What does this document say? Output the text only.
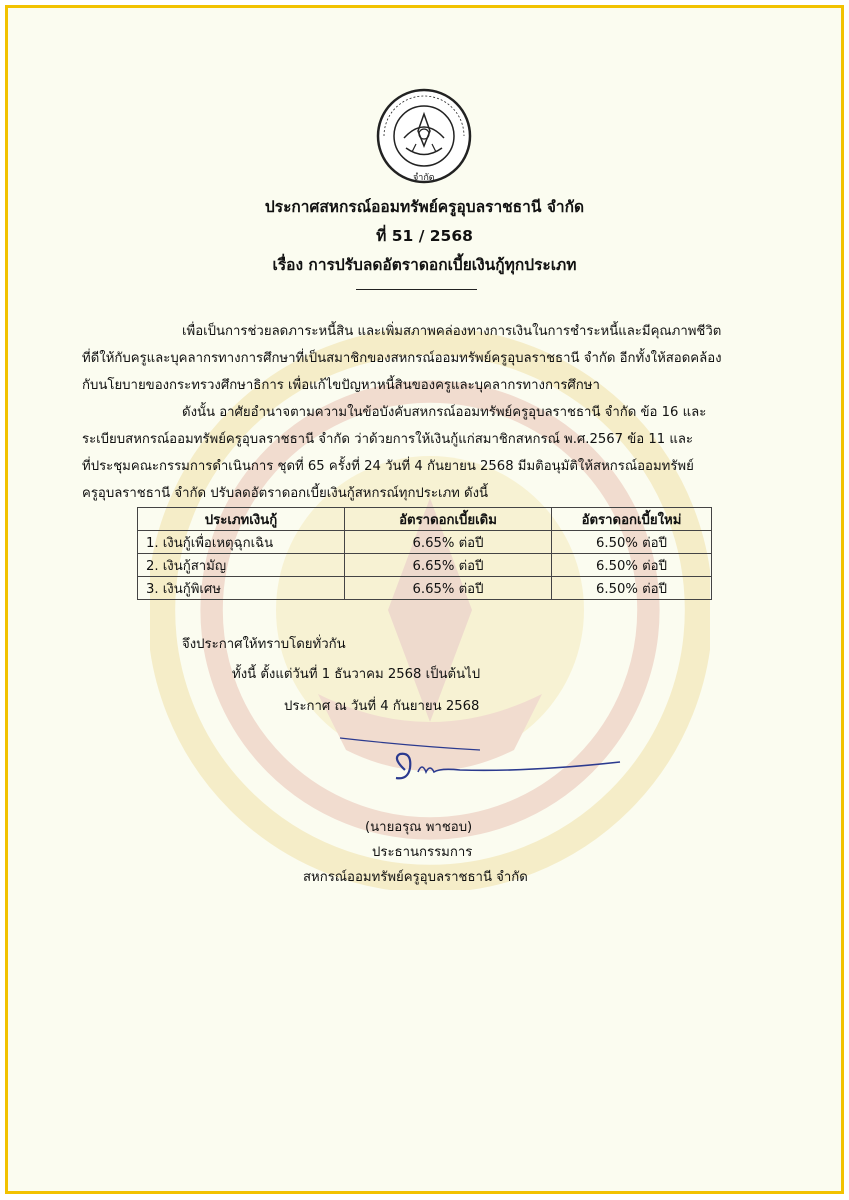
จำกัด
ประกาศสหกรณ์ออมทรัพย์ครูอุบลราชธานี จำกัด
ที่ 51 / 2568
เรื่อง การปรับลดอัตราดอกเบี้ยเงินกู้ทุกประเภท
เพื่อเป็นการช่วยลดภาระหนี้สิน และเพิ่มสภาพคล่องทางการเงินในการชำระหนี้และมีคุณภาพชีวิต
ที่ดีให้กับครูและบุคลากรทางการศึกษาที่เป็นสมาชิกของสหกรณ์ออมทรัพย์ครูอุบลราชธานี จำกัด อีกทั้งให้สอดคล้อง
กับนโยบายของกระทรวงศึกษาธิการ เพื่อแก้ไขปัญหาหนี้สินของครูและบุคลากรทางการศึกษา
ดังนั้น อาศัยอำนาจตามความในข้อบังคับสหกรณ์ออมทรัพย์ครูอุบลราชธานี จำกัด ข้อ 16 และ
ระเบียบสหกรณ์ออมทรัพย์ครูอุบลราชธานี จำกัด ว่าด้วยการให้เงินกู้แก่สมาชิกสหกรณ์ พ.ศ.2567 ข้อ 11 และ
ที่ประชุมคณะกรรมการดำเนินการ ชุดที่ 65 ครั้งที่ 24 วันที่ 4 กันยายน 2568 มีมติอนุมัติให้สหกรณ์ออมทรัพย์
ครูอุบลราชธานี จำกัด ปรับลดอัตราดอกเบี้ยเงินกู้สหกรณ์ทุกประเภท ดังนี้
ประเภทเงินกู้	อัตราดอกเบี้ยเดิม	อัตราดอกเบี้ยใหม่
1. เงินกู้เพื่อเหตุฉุกเฉิน	6.65% ต่อปี	6.50% ต่อปี
2. เงินกู้สามัญ	6.65% ต่อปี	6.50% ต่อปี
3. เงินกู้พิเศษ	6.65% ต่อปี	6.50% ต่อปี
จึงประกาศให้ทราบโดยทั่วกัน
ทั้งนี้ ตั้งแต่วันที่ 1 ธันวาคม 2568 เป็นต้นไป
ประกาศ ณ วันที่ 4 กันยายน 2568
(นายอรุณ พาชอบ)
ประธานกรรมการ
สหกรณ์ออมทรัพย์ครูอุบลราชธานี จำกัด
